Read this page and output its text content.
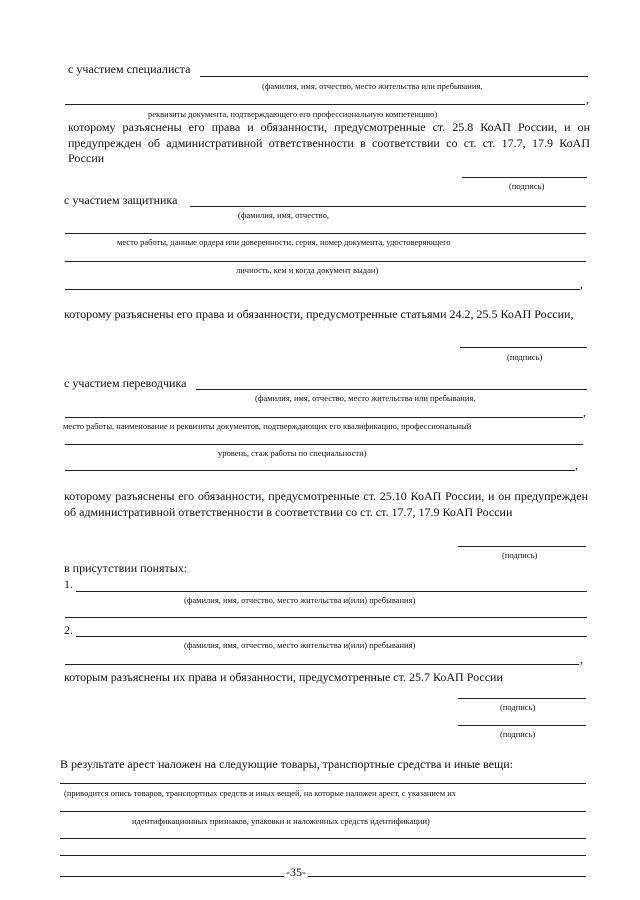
с участием специалиста
(фамилия, имя, отчество, место жительства или пребывания,
,
реквизиты документа, подтверждающего его профессиональную компетенцию)
которому разъяснены его права и обязанности, предусмотренные ст. 25.8 КоАП России, и он предупрежден об административной ответственности в соответствии со ст. ст. 17.7, 17.9 КоАП России
(подпись)
с участием защитника
(фамилия, имя, отчество,
место работы, данные ордера или доверенности, серия, номер документа, удостоверяющего
личность, кем и когда документ выдан)
,
которому разъяснены его права и обязанности, предусмотренные статьями 24.2, 25.5 КоАП России,
(подпись)
с участием переводчика
(фамилия, имя, отчество, место жительства или пребывания,
,
место работы, наименование и реквизиты документов, подтверждающих его квалификацию, профессиональный
уровень, стаж работы по специальности)
,
которому разъяснены его обязанности, предусмотренные ст. 25.10 КоАП России, и он предупрежден об административной ответственности в соответствии со ст. ст. 17.7, 17.9 КоАП России
(подпись)
в присутствии понятых:
1.
(фамилия, имя, отчество, место жительства и(или) пребывания)
2.
(фамилия, имя, отчество, место жительства и(или) пребывания)
,
которым разъяснены их права и обязанности, предусмотренные ст. 25.7 КоАП России
(подпись)
(подпись)
В результате арест наложен на следующие товары, транспортные средства и иные вещи:
(приводится опись товаров, транспортных средств и иных вещей, на которые наложен арест, с указанием их
идентификационных признаков, упаковки и наложенных средств идентификации)
-35-
